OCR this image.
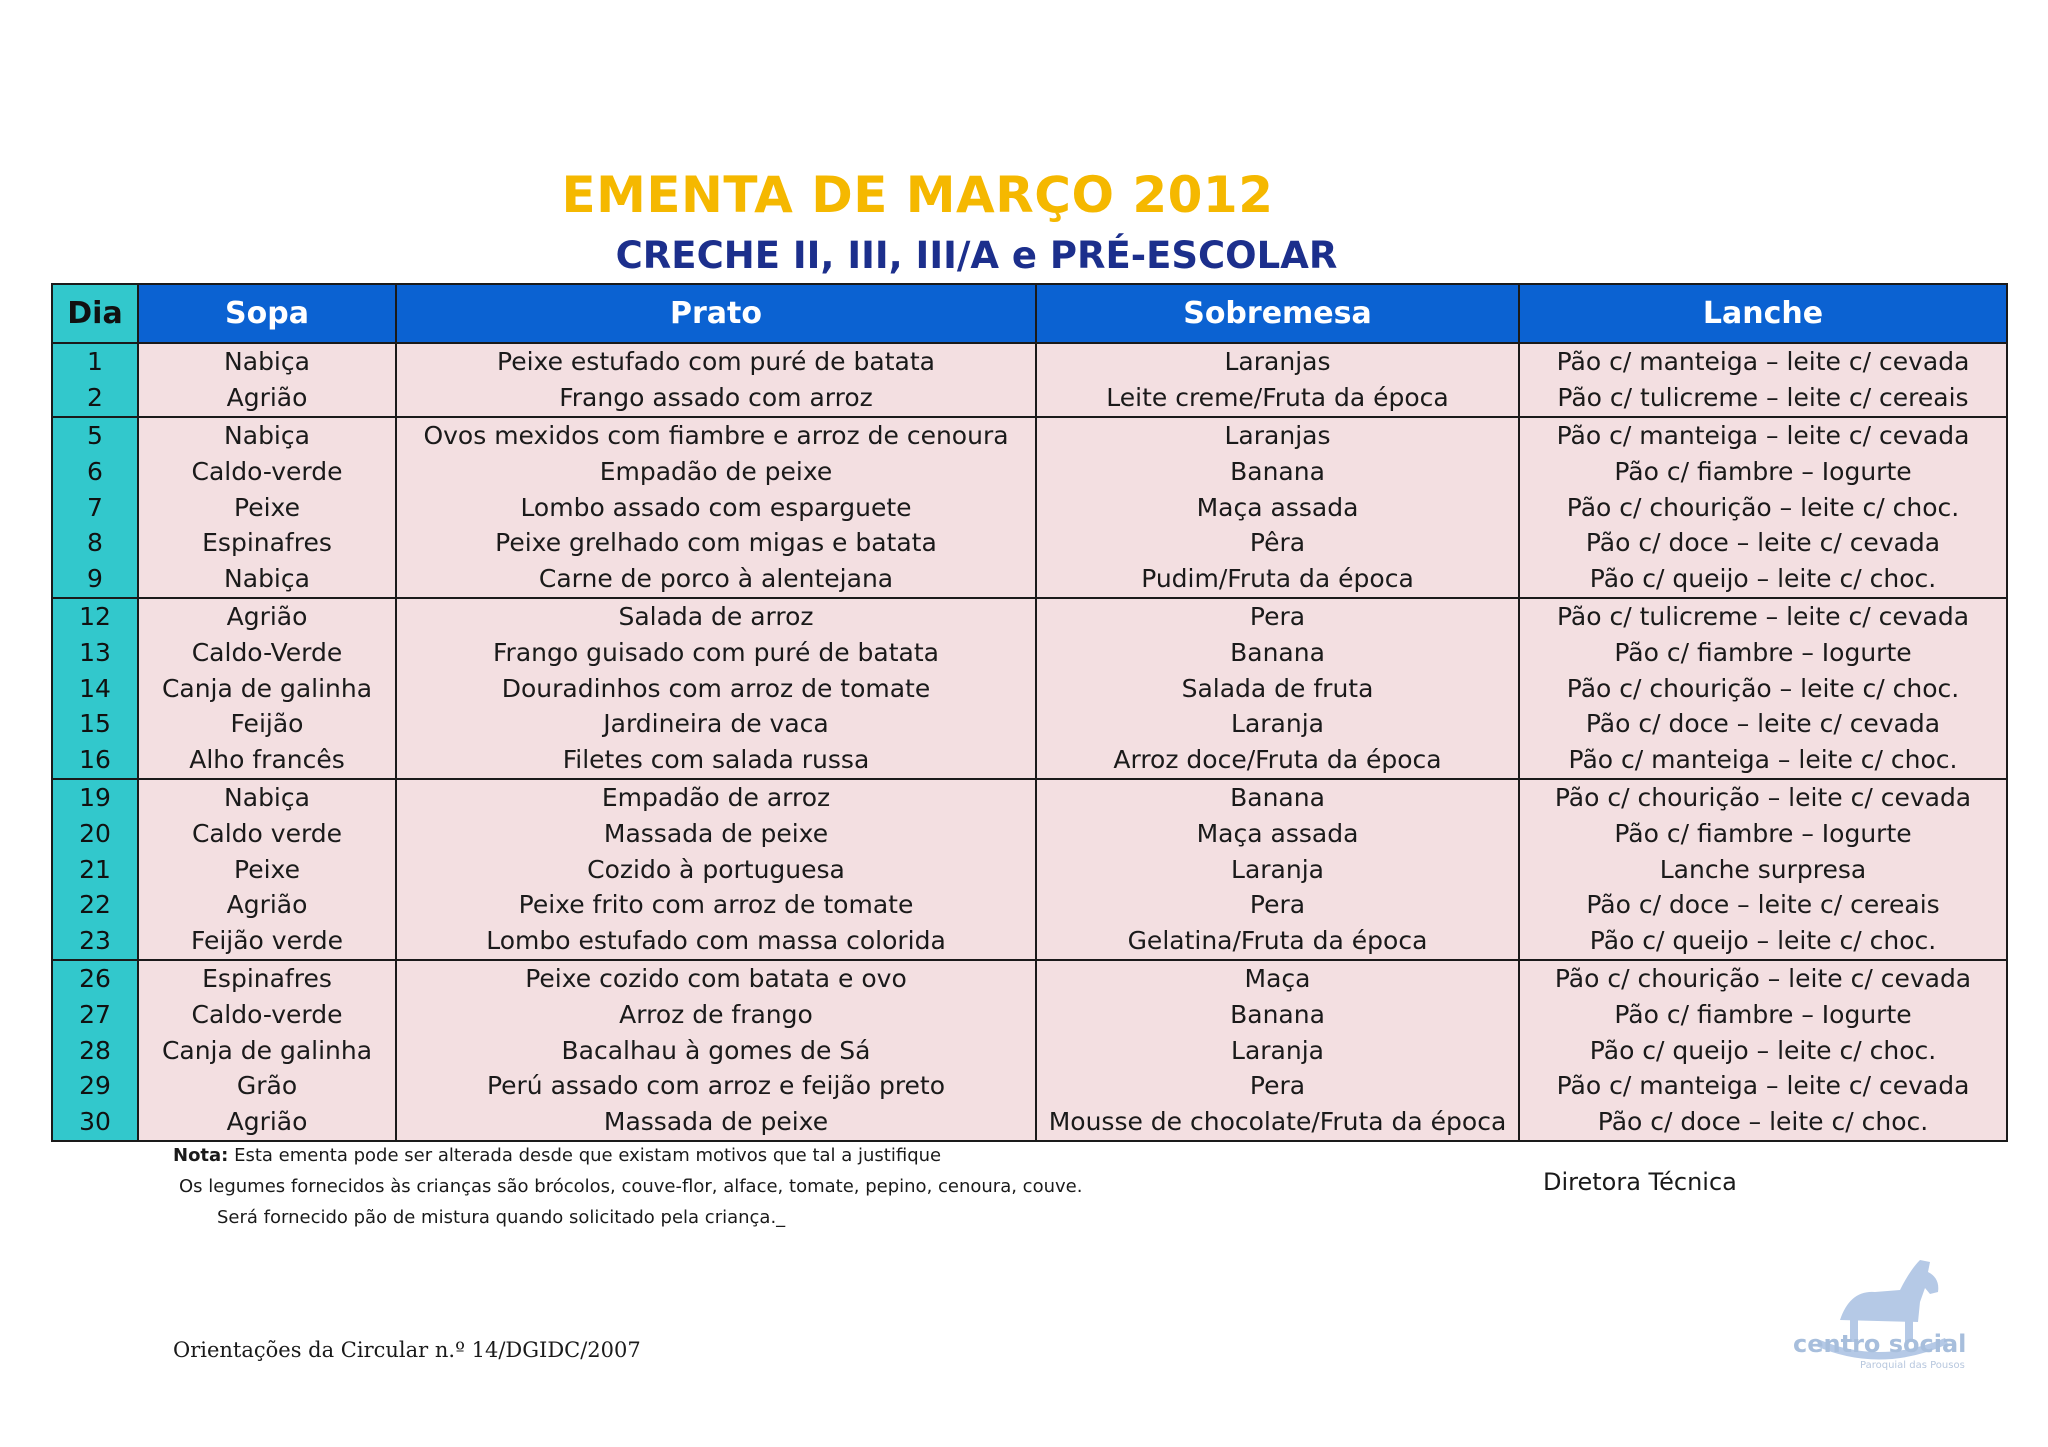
EMENTA DE MARÇO 2012
CRECHE II, III, III/A e PRÉ-ESCOLAR
Dia	Sopa	Prato	Sobremesa	Lanche
1	Nabiça	Peixe estufado com puré de batata	Laranjas	Pão c/ manteiga – leite c/ cevada
2	Agrião	Frango assado com arroz	Leite creme/Fruta da época	Pão c/ tulicreme – leite c/ cereais
5	Nabiça	Ovos mexidos com fiambre e arroz de cenoura	Laranjas	Pão c/ manteiga – leite c/ cevada
6	Caldo-verde	Empadão de peixe	Banana	Pão c/ fiambre – Iogurte
7	Peixe	Lombo assado com esparguete	Maça assada	Pão c/ chourição – leite c/ choc.
8	Espinafres	Peixe grelhado com migas e batata	Pêra	Pão c/ doce – leite c/ cevada
9	Nabiça	Carne de porco à alentejana	Pudim/Fruta da época	Pão c/ queijo – leite c/ choc.
12	Agrião	Salada de arroz	Pera	Pão c/ tulicreme – leite c/ cevada
13	Caldo-Verde	Frango guisado com puré de batata	Banana	Pão c/ fiambre – Iogurte
14	Canja de galinha	Douradinhos com arroz de tomate	Salada de fruta	Pão c/ chourição – leite c/ choc.
15	Feijão	Jardineira de vaca	Laranja	Pão c/ doce – leite c/ cevada
16	Alho francês	Filetes com salada russa	Arroz doce/Fruta da época	Pão c/ manteiga – leite c/ choc.
19	Nabiça	Empadão de arroz	Banana	Pão c/ chourição – leite c/ cevada
20	Caldo verde	Massada de peixe	Maça assada	Pão c/ fiambre – Iogurte
21	Peixe	Cozido à portuguesa	Laranja	Lanche surpresa
22	Agrião	Peixe frito com arroz de tomate	Pera	Pão c/ doce – leite c/ cereais
23	Feijão verde	Lombo estufado com massa colorida	Gelatina/Fruta da época	Pão c/ queijo – leite c/ choc.
26	Espinafres	Peixe cozido com batata e ovo	Maça	Pão c/ chourição – leite c/ cevada
27	Caldo-verde	Arroz de frango	Banana	Pão c/ fiambre – Iogurte
28	Canja de galinha	Bacalhau à gomes de Sá	Laranja	Pão c/ queijo – leite c/ choc.
29	Grão	Perú assado com arroz e feijão preto	Pera	Pão c/ manteiga – leite c/ cevada
30	Agrião	Massada de peixe	Mousse de chocolate/Fruta da época	Pão c/ doce – leite c/ choc.
Nota: Esta ementa pode ser alterada desde que existam motivos que tal a justifique
Os legumes fornecidos às crianças são brócolos, couve-flor, alface, tomate, pepino, cenoura, couve.
Será fornecido pão de mistura quando solicitado pela criança._
Diretora Técnica
Orientações da Circular n.º 14/DGIDC/2007	centro social
Paroquial das Pousos
